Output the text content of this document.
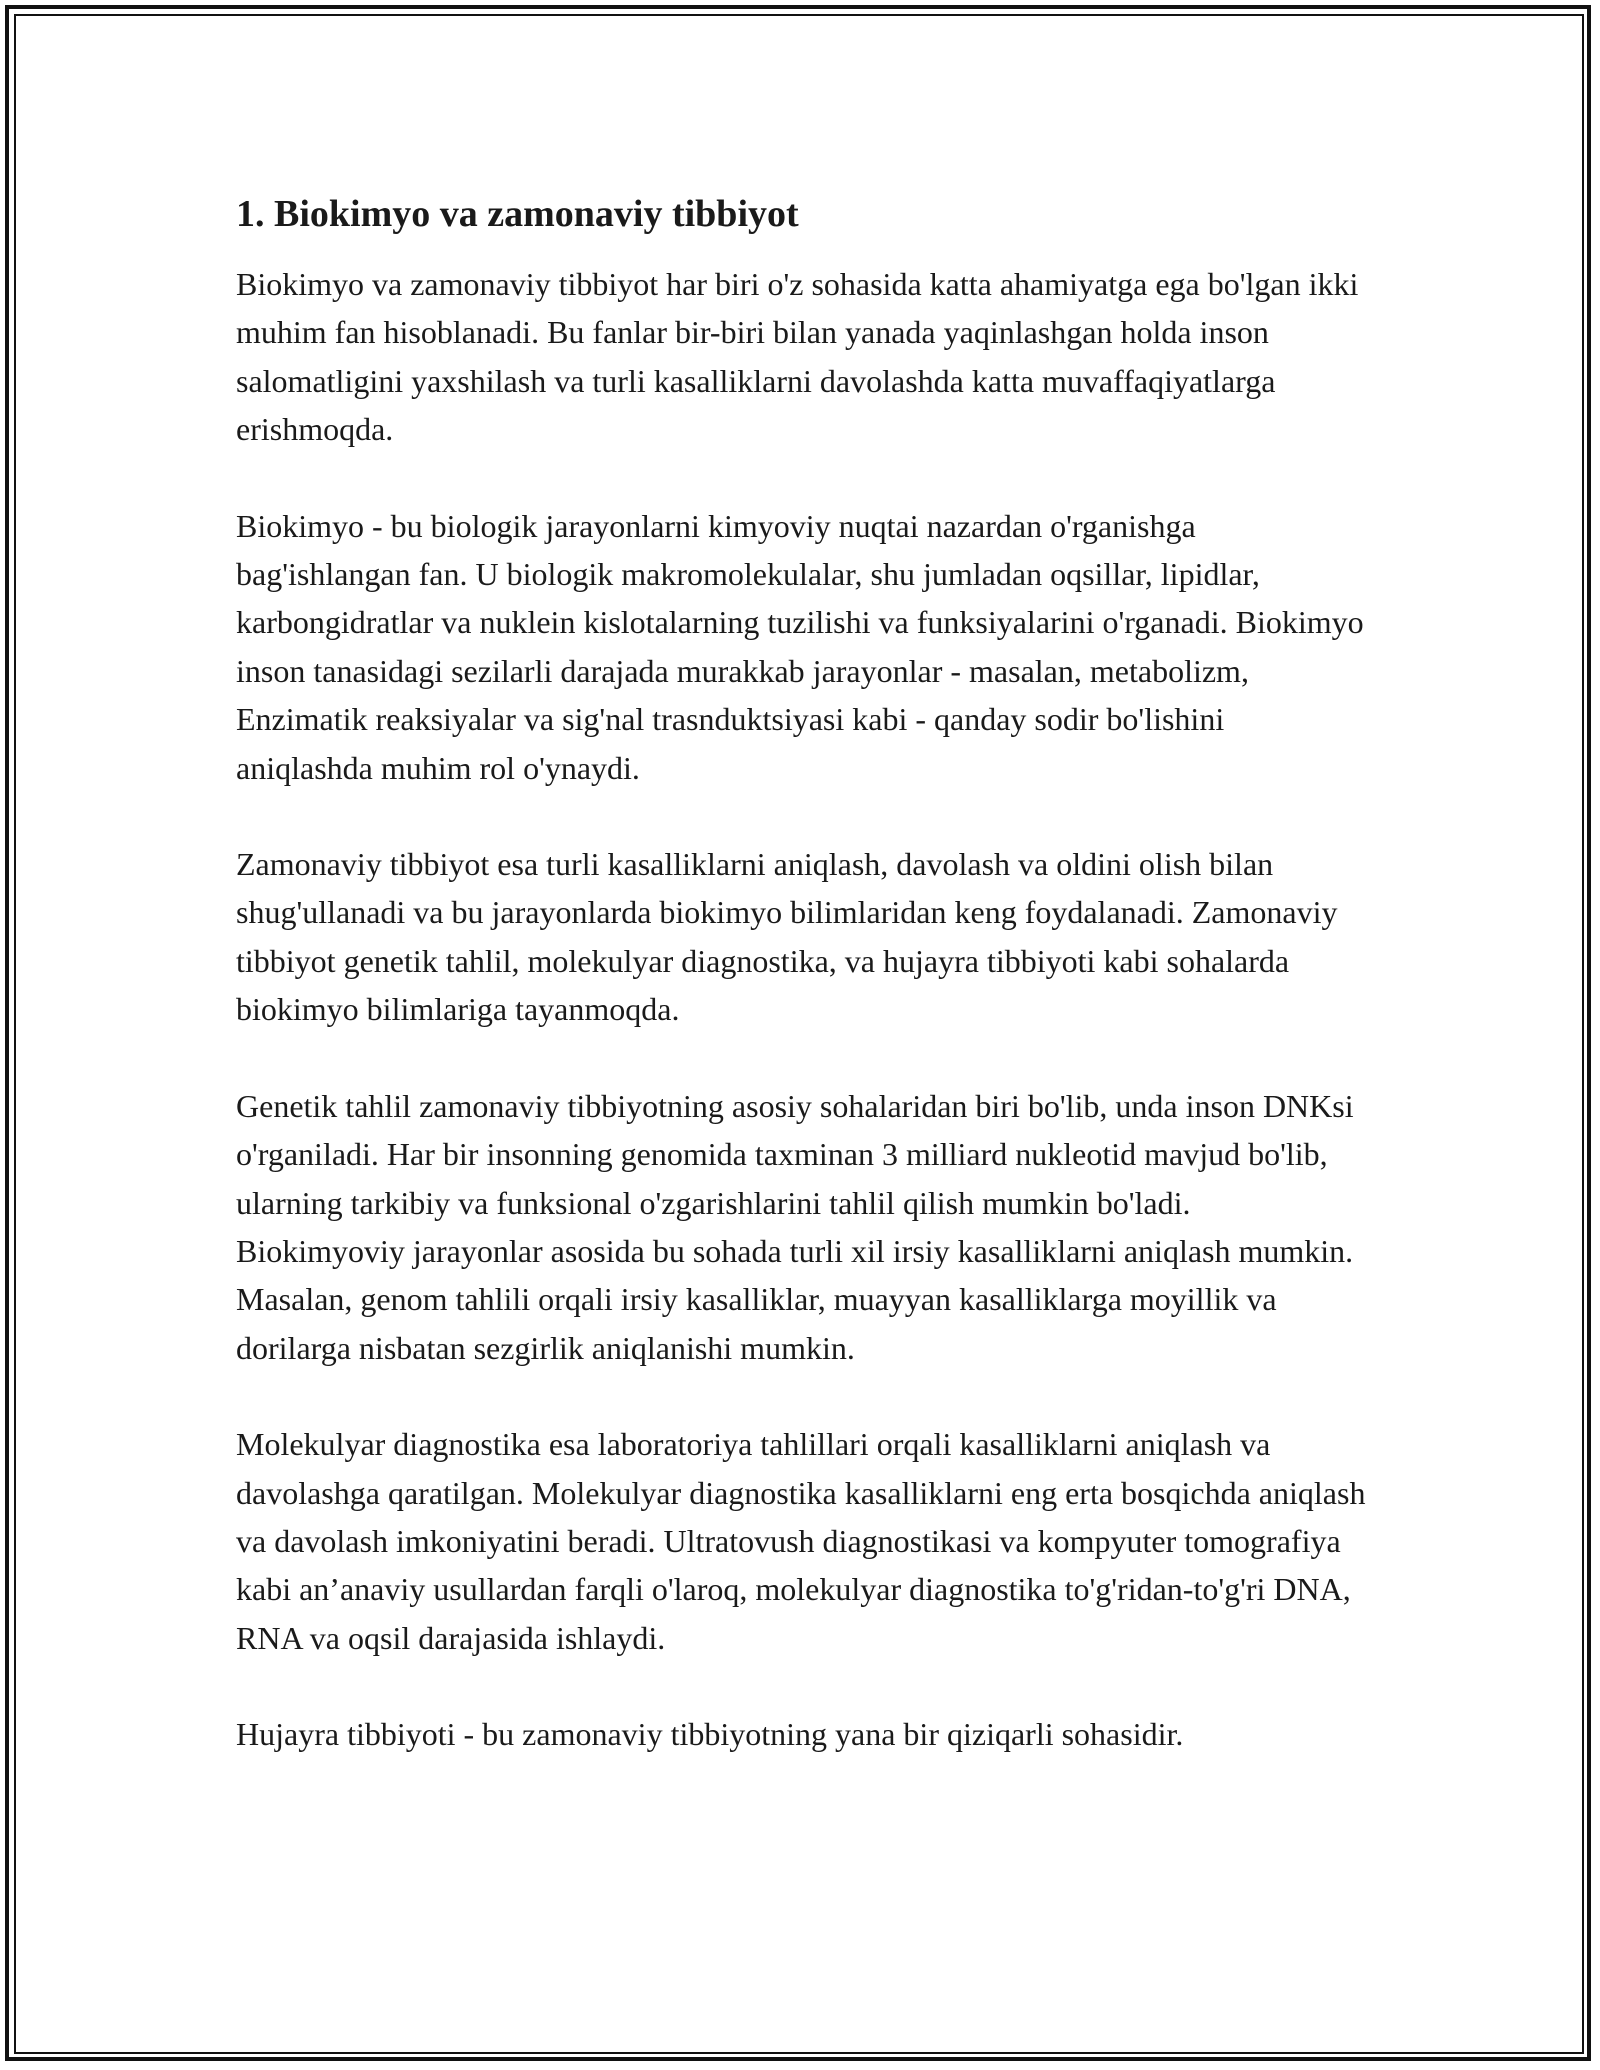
1. Biokimyo va zamonaviy tibbiyot

Biokimyo va zamonaviy tibbiyot har biri o'z sohasida katta ahamiyatga ega bo'lgan ikki muhim fan hisoblanadi. Bu fanlar bir-biri bilan yanada yaqinlashgan holda inson salomatligini yaxshilash va turli kasalliklarni davolashda katta muvaffaqiyatlarga erishmoqda.

Biokimyo - bu biologik jarayonlarni kimyoviy nuqtai nazardan o'rganishga bag'ishlangan fan. U biologik makromolekulalar, shu jumladan oqsillar, lipidlar, karbongidratlar va nuklein kislotalarning tuzilishi va funksiyalarini o'rganadi. Biokimyo inson tanasidagi sezilarli darajada murakkab jarayonlar - masalan, metabolizm, Enzimatik reaksiyalar va sig'nal trasnduktsiyasi kabi - qanday sodir bo'lishini aniqlashda muhim rol o'ynaydi.

Zamonaviy tibbiyot esa turli kasalliklarni aniqlash, davolash va oldini olish bilan shug'ullanadi va bu jarayonlarda biokimyo bilimlaridan keng foydalanadi. Zamonaviy tibbiyot genetik tahlil, molekulyar diagnostika, va hujayra tibbiyoti kabi sohalarda biokimyo bilimlariga tayanmoqda.

Genetik tahlil zamonaviy tibbiyotning asosiy sohalaridan biri bo'lib, unda inson DNKsi o'rganiladi. Har bir insonning genomida taxminan 3 milliard nukleotid mavjud bo'lib, ularning tarkibiy va funksional o'zgarishlarini tahlil qilish mumkin bo'ladi. Biokimyoviy jarayonlar asosida bu sohada turli xil irsiy kasalliklarni aniqlash mumkin. Masalan, genom tahlili orqali irsiy kasalliklar, muayyan kasalliklarga moyillik va dorilarga nisbatan sezgirlik aniqlanishi mumkin.

Molekulyar diagnostika esa laboratoriya tahlillari orqali kasalliklarni aniqlash va davolashga qaratilgan. Molekulyar diagnostika kasalliklarni eng erta bosqichda aniqlash va davolash imkoniyatini beradi. Ultratovush diagnostikasi va kompyuter tomografiya kabi an’anaviy usullardan farqli o'laroq, molekulyar diagnostika to'g'ridan-to'g'ri DNA, RNA va oqsil darajasida ishlaydi.

Hujayra tibbiyoti - bu zamonaviy tibbiyotning yana bir qiziqarli sohasidir.
